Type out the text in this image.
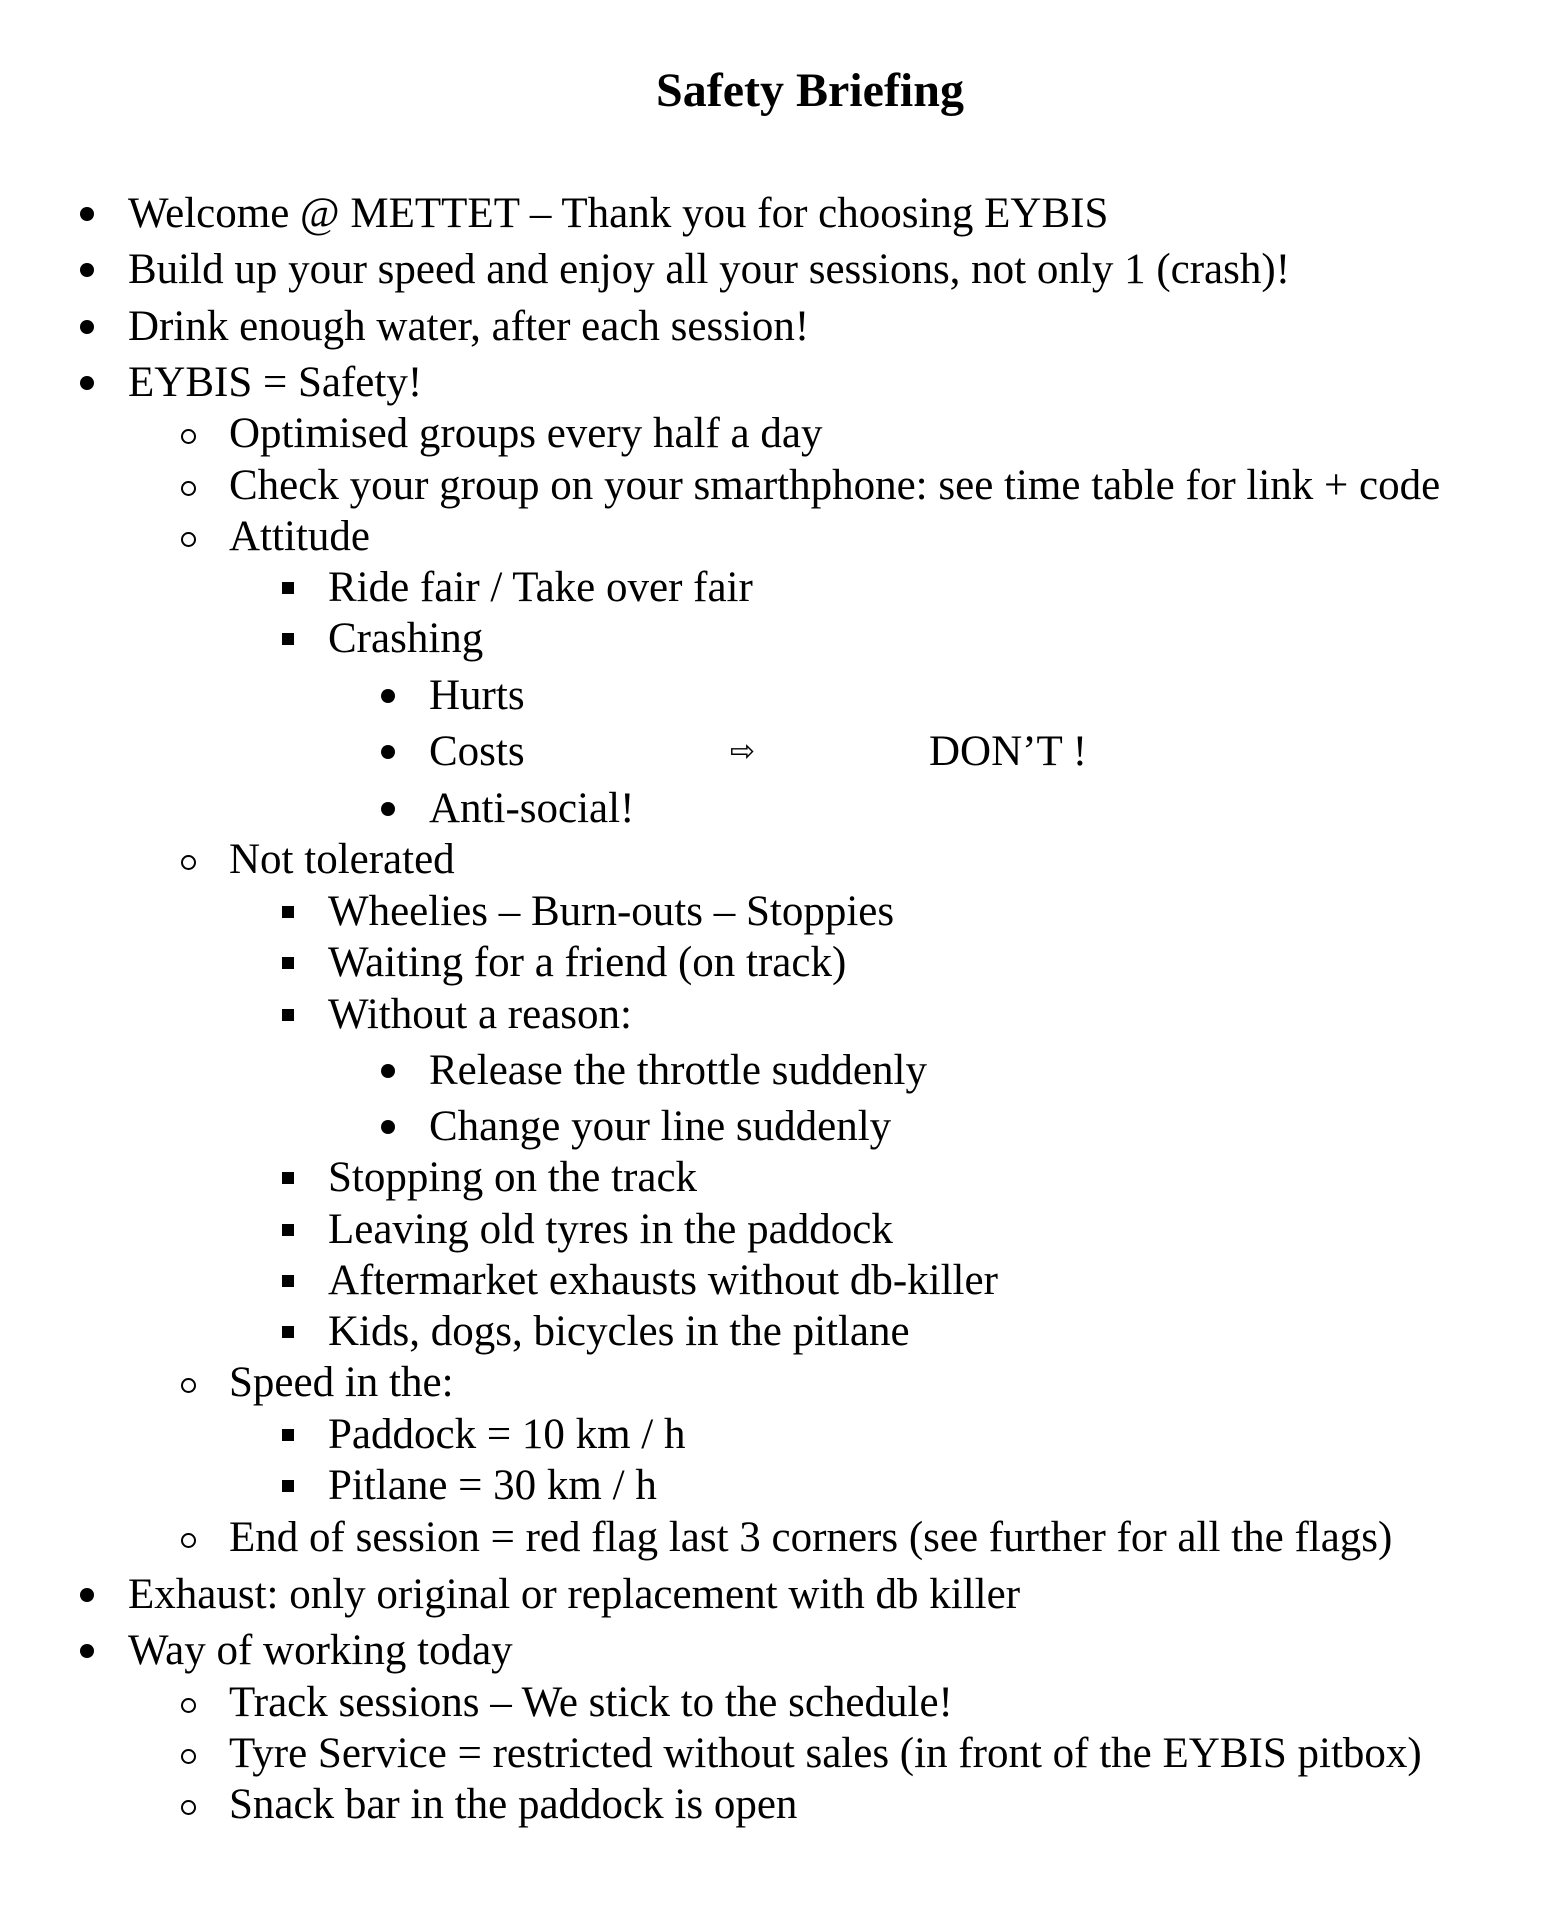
Safety Briefing
Welcome @ METTET – Thank you for choosing EYBIS
Build up your speed and enjoy all your sessions, not only 1 (crash)!
Drink enough water, after each session!
EYBIS = Safety!
Optimised groups every half a day
Check your group on your smarthphone: see time table for link + code
Attitude
Ride fair / Take over fair
Crashing
Hurts
Costs	⇨	DON’T !
Anti-social!
Not tolerated
Wheelies – Burn-outs – Stoppies
Waiting for a friend (on track)
Without a reason:
Release the throttle suddenly
Change your line suddenly
Stopping on the track
Leaving old tyres in the paddock
Aftermarket exhausts without db-killer
Kids, dogs, bicycles in the pitlane
Speed in the:
Paddock = 10 km / h
Pitlane = 30 km / h
End of session = red flag last 3 corners (see further for all the flags)
Exhaust: only original or replacement with db killer
Way of working today
Track sessions – We stick to the schedule!
Tyre Service = restricted without sales (in front of the EYBIS pitbox)
Snack bar in the paddock is open
